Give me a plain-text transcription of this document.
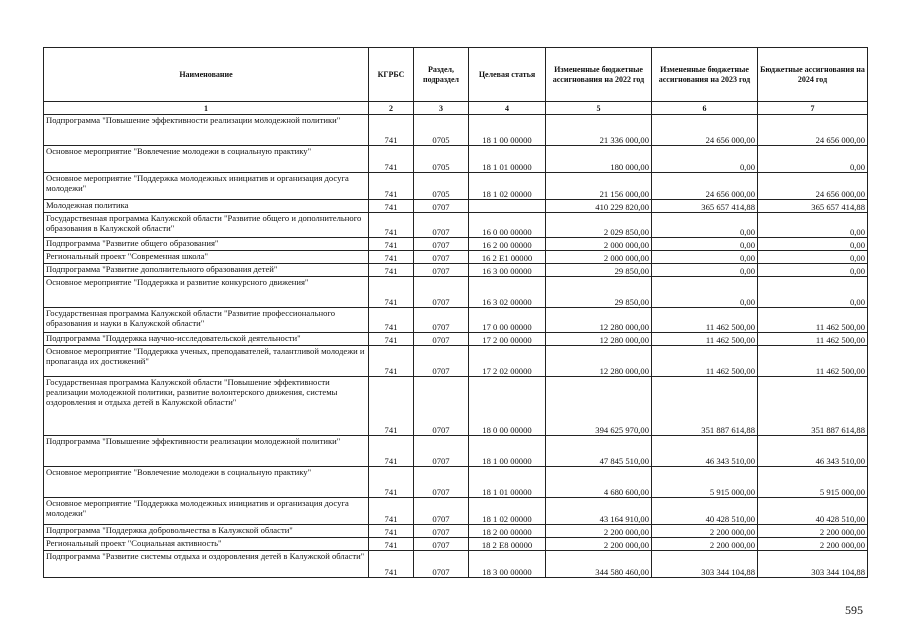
Наименование	КГРБС	Раздел, подраздел	Целевая статья	Измененные бюджетные ассигнования на 2022 год	Измененные бюджетные ассигнования на 2023 год	Бюджетные ассигнования на 2024 год
1	2	3	4	5	6	7
Подпрограмма "Повышение эффективности реализации молодежной политики"	741	0705	18 1 00 00000	21 336 000,00	24 656 000,00	24 656 000,00
Основное мероприятие "Вовлечение молодежи в социальную практику"	741	0705	18 1 01 00000	180 000,00	0,00	0,00
Основное мероприятие "Поддержка молодежных инициатив и организация досуга молодежи"	741	0705	18 1 02 00000	21 156 000,00	24 656 000,00	24 656 000,00
Молодежная политика	741	0707		410 229 820,00	365 657 414,88	365 657 414,88
Государственная программа Калужской области "Развитие общего и дополнительного образования в Калужской области"	741	0707	16 0 00 00000	2 029 850,00	0,00	0,00
Подпрограмма "Развитие общего образования"	741	0707	16 2 00 00000	2 000 000,00	0,00	0,00
Региональный проект "Современная школа"	741	0707	16 2 E1 00000	2 000 000,00	0,00	0,00
Подпрограмма "Развитие дополнительного образования детей"	741	0707	16 3 00 00000	29 850,00	0,00	0,00
Основное мероприятие "Поддержка и развитие конкурсного движения"	741	0707	16 3 02 00000	29 850,00	0,00	0,00
Государственная программа Калужской области "Развитие профессионального образования и науки в Калужской области"	741	0707	17 0 00 00000	12 280 000,00	11 462 500,00	11 462 500,00
Подпрограмма "Поддержка научно-исследовательской деятельности"	741	0707	17 2 00 00000	12 280 000,00	11 462 500,00	11 462 500,00
Основное мероприятие "Поддержка ученых, преподавателей, талантливой молодежи и пропаганда их достижений"	741	0707	17 2 02 00000	12 280 000,00	11 462 500,00	11 462 500,00
Государственная программа Калужской области "Повышение эффективности реализации молодежной политики, развитие волонтерского движения, системы оздоровления и отдыха детей в Калужской области"	741	0707	18 0 00 00000	394 625 970,00	351 887 614,88	351 887 614,88
Подпрограмма "Повышение эффективности реализации молодежной политики"	741	0707	18 1 00 00000	47 845 510,00	46 343 510,00	46 343 510,00
Основное мероприятие "Вовлечение молодежи в социальную практику"	741	0707	18 1 01 00000	4 680 600,00	5 915 000,00	5 915 000,00
Основное мероприятие "Поддержка молодежных инициатив и организация досуга молодежи"	741	0707	18 1 02 00000	43 164 910,00	40 428 510,00	40 428 510,00
Подпрограмма "Поддержка добровольчества в Калужской области"	741	0707	18 2 00 00000	2 200 000,00	2 200 000,00	2 200 000,00
Региональный проект "Социальная активность"	741	0707	18 2 E8 00000	2 200 000,00	2 200 000,00	2 200 000,00
Подпрограмма "Развитие системы отдыха и оздоровления детей в Калужской области"	741	0707	18 3 00 00000	344 580 460,00	303 344 104,88	303 344 104,88
595
